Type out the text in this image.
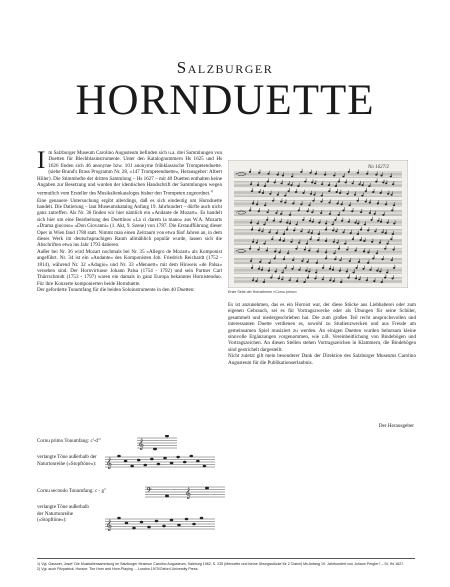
Salzburger
HORNDUETTE
I m Salzburger Museum Carolino Augusteum befinden sich u.a. drei Sammlungen von Duetten für Blechblasinstrumente. Unter den Katalognummern Hs 1625 und Hs 1626 finden sich 46 anonyme bzw. 101 anonyme frühklassische Trompetenduette. (siehe Brand's Brass Programm Nr. 28, »147 Trompetenduette«, Herausgeber: Albert Hiller). Die Stimmhefte der dritten Sammlung – Hs 1627 – mit 40 Duetten enthalten keine Angaben zur Besetzung und wurden der identischen Handschrift der Sammlungen wegen vermutlich vom Ersteller des Musikalienkataloges bisher den Trompeten zugeordnet.$^{1)}$

Eine genauere Untersuchung ergibt allerdings, daß es sich eindeutig um Hornduette handelt. Die Datierung – laut Museumskatalog Anfang 19. Jahrhundert – dürfte auch nicht ganz zutreffen. Als Nr. 36 finden wir hier nämlich ein »Andante de Mozart«. Es handelt sich hier um eine Bearbeitung des Duettinos »La ci darem la mano« aus W.A. Mozarts »Drama giocoso« »Don Giovanni« (1. Akt, 9. Szene) von 1787. Die Erstaufführung dieser Oper in Wien fand 1788 statt. Nimmt man einen Zeitraum von etwa fünf Jahren an, in dem dieses Werk im deutschsprachigen Raum allmählich populär wurde, lassen sich die Abschriften etwa ins Jahr 1793 datieren.

Außer bei Nr. 36 wird Mozart nochmals bei Nr. 35 »Allegro de Mozart« als Komponist angeführt. Nr. 34 ist ein »Andante« des Komponisten Joh. Friedrich Reichardt (1752 - 1814), während Nr. 32 »Adagio« und Nr. 33 »Menuett« mit dem Hinweis »de Palsa« versehen sind. Der Hornvirtuose Johann Palsa (1754 - 1792) und sein Partner Carl Thürrschmidt (1753 - 1797) waren ein damals in ganz Europa bekanntes Hornistenduo. Für ihre Konzerte komponierten beide Hornduette.

Der geforderte Tonumfang für die beiden Soloinstrumente in den 40 Duetten:

No 1627/2
Erste Seite der Hornstimme »Cornu primo«

Es ist anzunehmen, das es ein Hornist war, der diese Stücke aus Liebhaberei oder zum eigenen Gebrauch, sei es für Vortragszwecke oder als Übungen für seine Schüler, gesammelt und niedergeschrieben hat. Die zum großen Teil recht anspruchsvollen und interessanten Duette verdienen es, sowohl zu Studienzwecken und aus Freude am gemeinsamen Spiel musiziert zu werden. An einigen Duetten wurden behutsam kleine sinnvolle Ergänzungen vorgenommen, wie z.B. Vereinheitlichung von Bindebögen und Vortragszeichen. An diesen Stellen stehen Vortragszeichen in Klammern, die Bindebögen sind gestrichelt dargestellt.

Nicht zuletzt gilt mein besonderer Dank der Direktion des Salzburger Museums Carolino Augusteum für die Publikationserlaubnis.

Der Herausgeber
Cornu primo Tonumfang: c'-d'''	𝄞
verlangte Töne außerhalb der Naturtonreihe (»Stopftöne«): 𝄞
Cornu secondo Tonumfang: c - g''	𝄢	𝄞
verlangte Töne außerhalb der Naturtonreihe (»Stopftöne«):	𝄞

1) Vgl. Gassner, Josef: Die Musikaliensammlung im Salzburger Museum Carolino Augusteum, Salzburg 1962, S. 235 (Menuette und kleine Übungsstücke für 2 Clarini) Ms Anfang 19. Jahrhundert von Johann Pergler? – St. Hs 1627.

2) Vgl. auch Fitzpatrick, Horace: The Horn and Horn-Playing ... London 1970/Oxford University Press.
